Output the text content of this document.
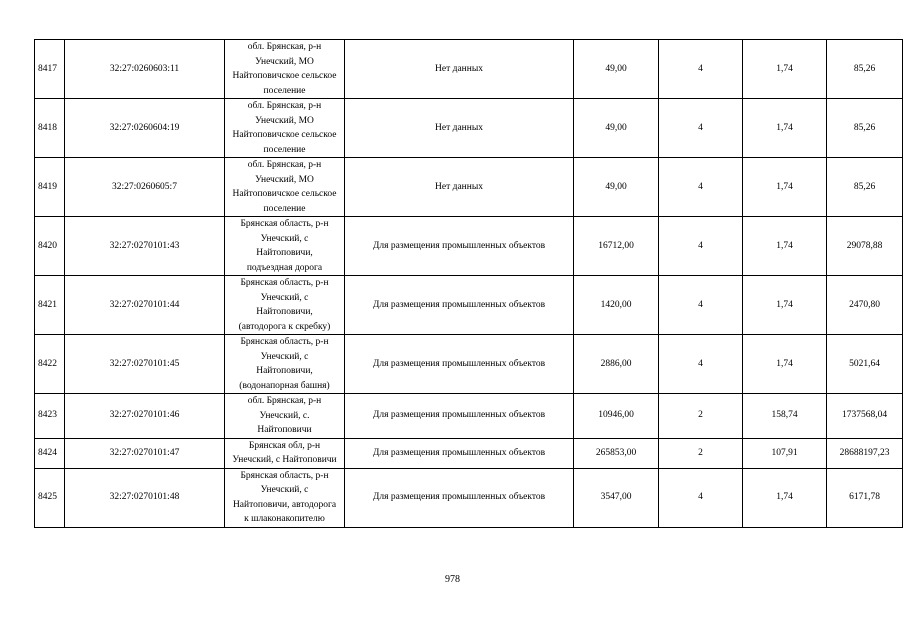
8417	32:27:0260603:11	обл. Брянская, р-н
Унечский, МО
Найтоповичское сельское
поселение	Нет данных	49,00	4	1,74	85,26
8418	32:27:0260604:19	обл. Брянская, р-н
Унечский, МО
Найтоповичское сельское
поселение	Нет данных	49,00	4	1,74	85,26
8419	32:27:0260605:7	обл. Брянская, р-н
Унечский, МО
Найтоповичское сельское
поселение	Нет данных	49,00	4	1,74	85,26
8420	32:27:0270101:43	Брянская область, р-н
Унечский, с
Найтоповичи,
подъездная дорога	Для размещения промышленных объектов	16712,00	4	1,74	29078,88
8421	32:27:0270101:44	Брянская область, р-н
Унечский, с
Найтоповичи,
(автодорога к скребку)	Для размещения промышленных объектов	1420,00	4	1,74	2470,80
8422	32:27:0270101:45	Брянская область, р-н
Унечский, с
Найтоповичи,
(водонапорная башня)	Для размещения промышленных объектов	2886,00	4	1,74	5021,64
8423	32:27:0270101:46	обл. Брянская, р-н
Унечский, с.
Найтоповичи	Для размещения промышленных объектов	10946,00	2	158,74	1737568,04
8424	32:27:0270101:47	Брянская обл, р-н
Унечский, с Найтоповичи	Для размещения промышленных объектов	265853,00	2	107,91	28688197,23
8425	32:27:0270101:48	Брянская область, р-н
Унечский, с
Найтоповичи, автодорога
к шлаконакопителю	Для размещения промышленных объектов	3547,00	4	1,74	6171,78
978
